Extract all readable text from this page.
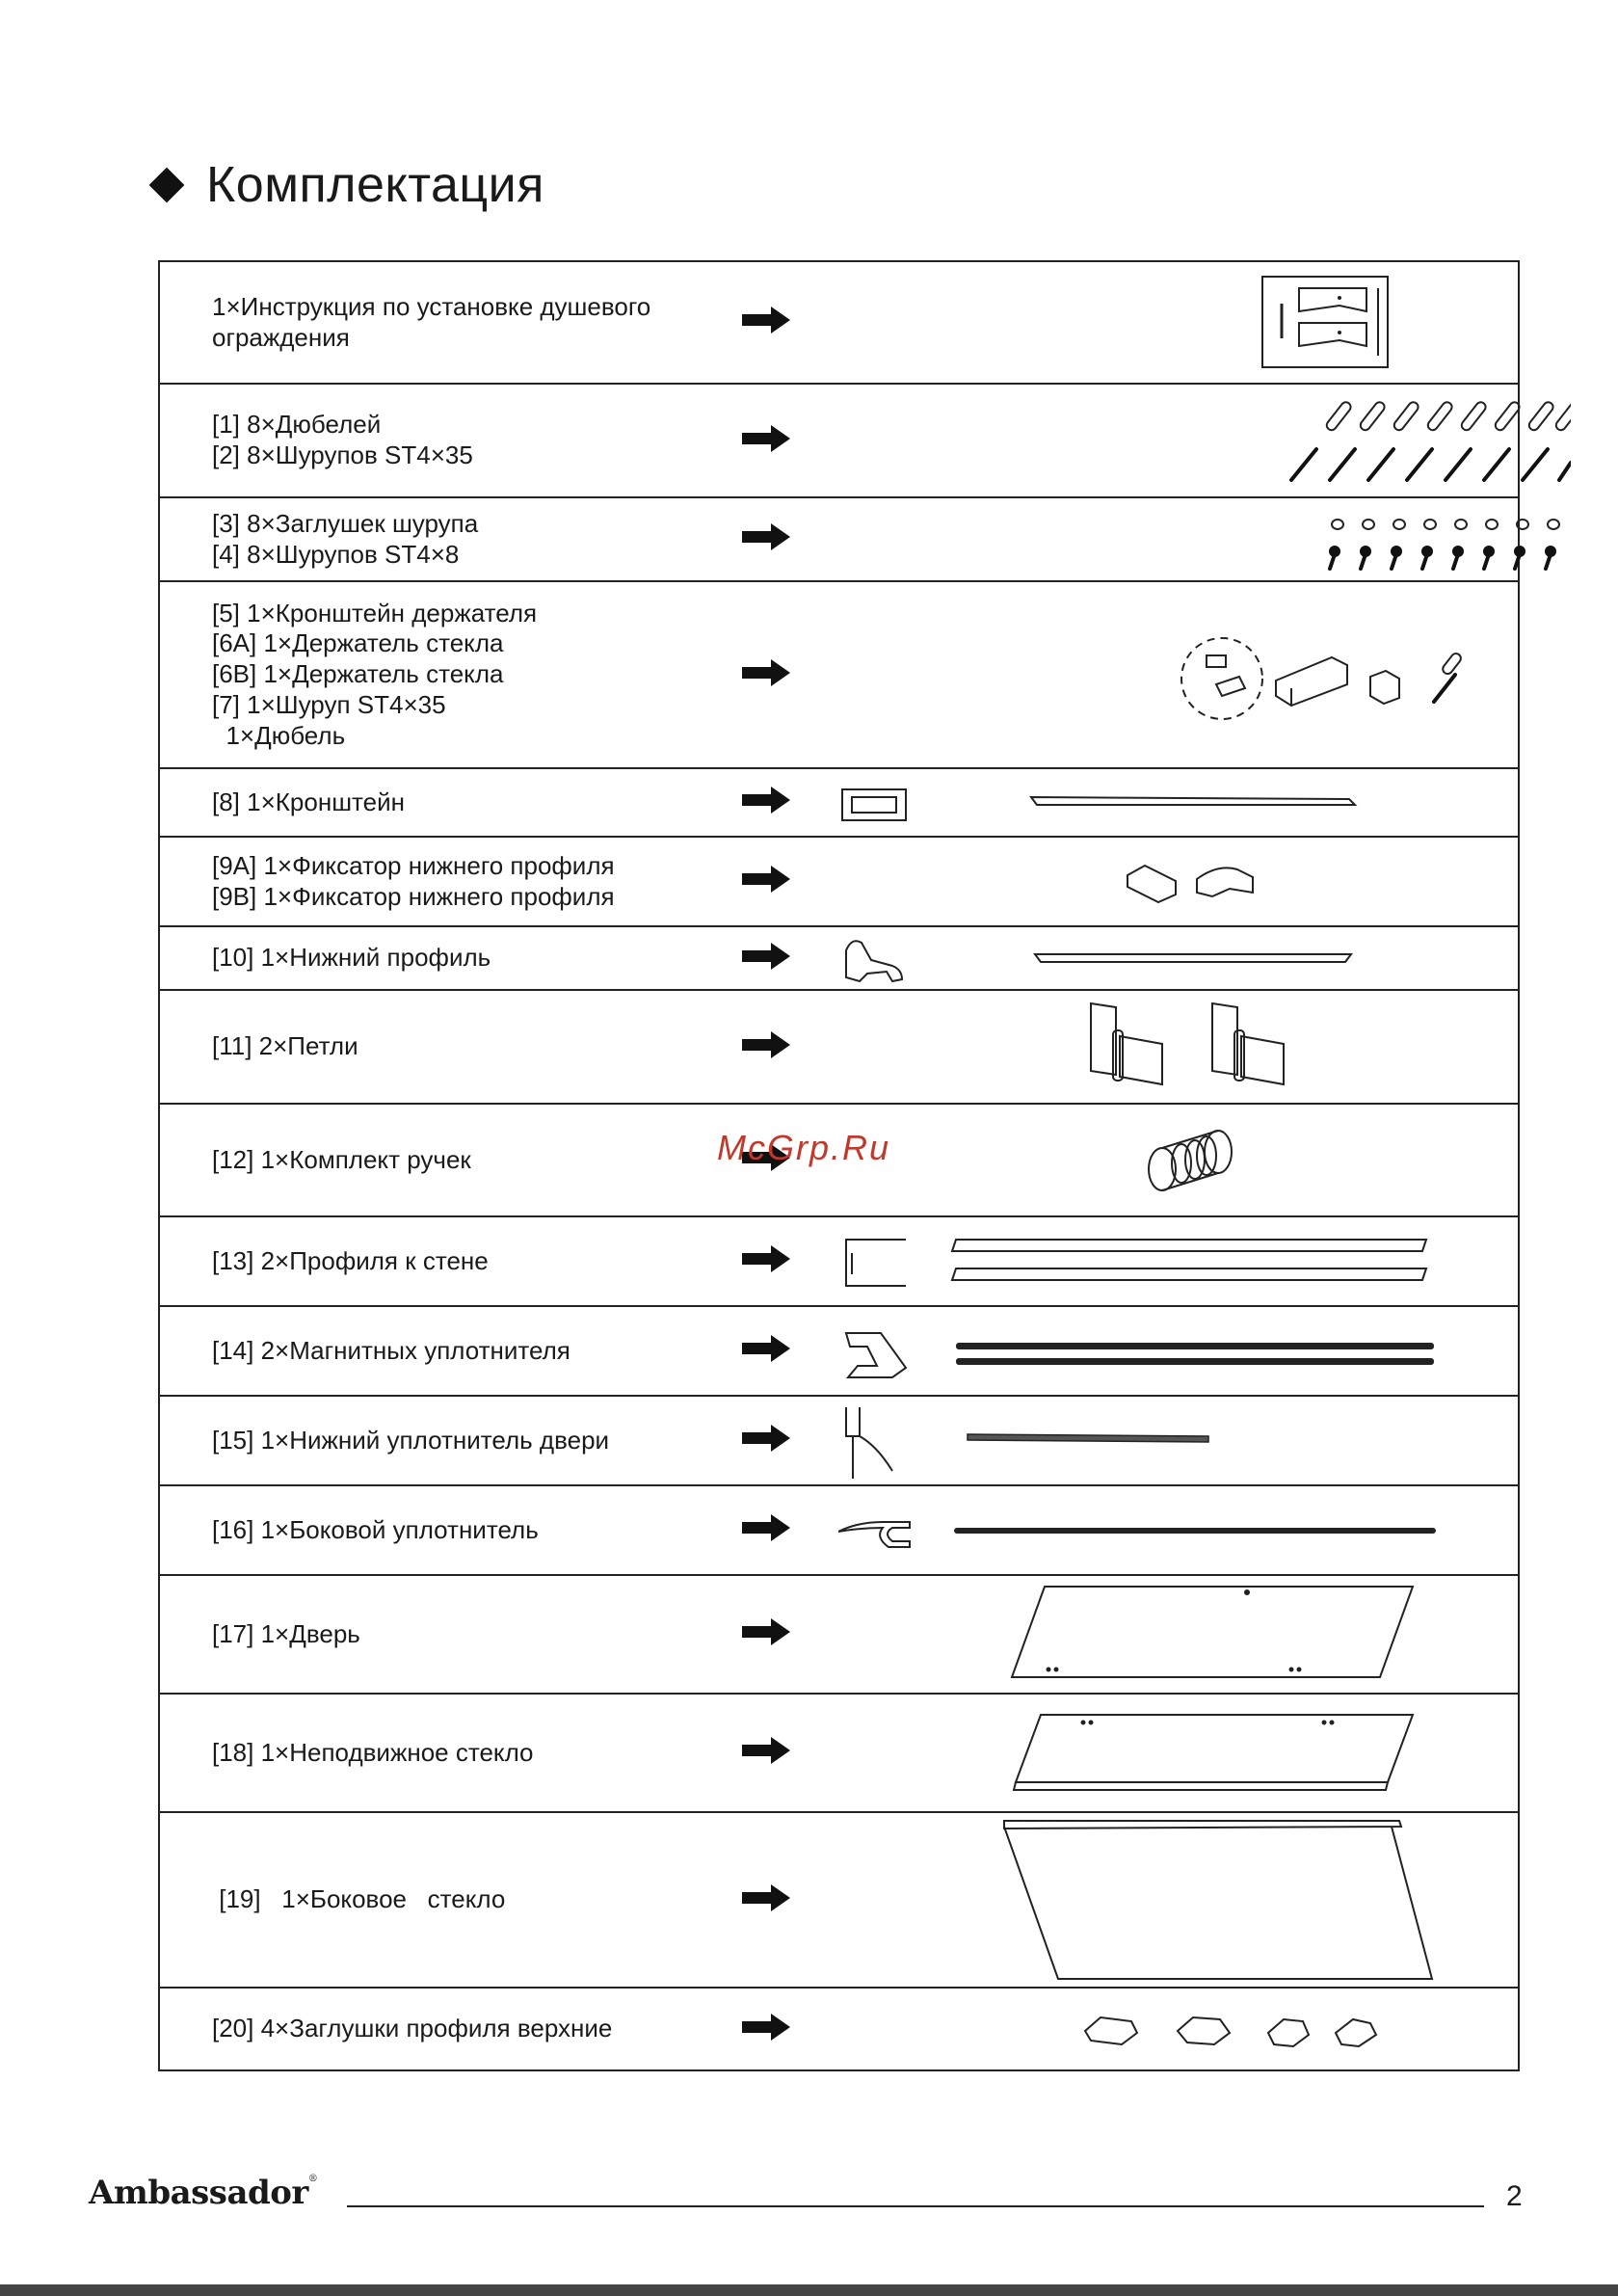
Комплектация
1×Инструкция по установке душевого
ограждения

[1] 8×Дюбелей
[2] 8×Шурупов ST4×35

[3] 8×Заглушек шурупа
[4] 8×Шурупов ST4×8

[5] 1×Кронштейн держателя
[6A] 1×Держатель стекла
[6B] 1×Держатель стекла
[7] 1×Шуруп ST4×35
1×Дюбель

[8] 1×Кронштейн

[9A] 1×Фиксатор нижнего профиля
[9B] 1×Фиксатор нижнего профиля

[10] 1×Нижний профиль

[11] 2×Петли

[12] 1×Комплект ручек

[13] 2×Профиля к стене

[14] 2×Магнитных уплотнителя

[15] 1×Нижний уплотнитель двери

[16] 1×Боковой уплотнитель

[17] 1×Дверь

[18] 1×Неподвижное стекло

[19]   1×Боковое   стекло

[20] 4×Заглушки профиля верхние

McGrp.Ru
Ambassador®
2
